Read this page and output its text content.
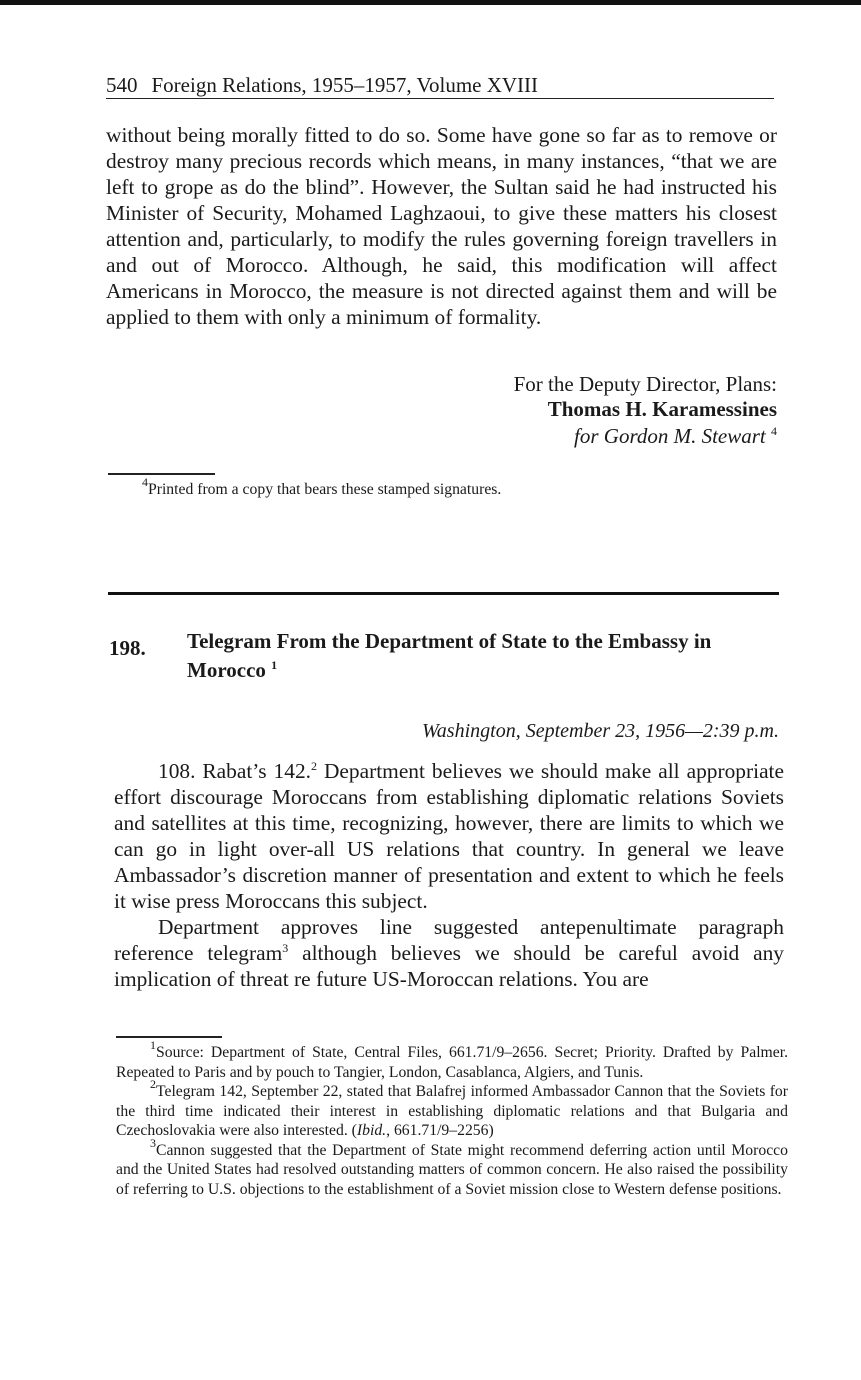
540 Foreign Relations, 1955–1957, Volume XVIII

without being morally fitted to do so. Some have gone so far as to remove or destroy many precious records which means, in many instances, “that we are left to grope as do the blind”. However, the Sultan said he had instructed his Minister of Security, Mohamed Laghzaoui, to give these matters his closest attention and, particularly, to modify the rules governing foreign travellers in and out of Morocco. Although, he said, this modification will affect Americans in Morocco, the measure is not directed against them and will be applied to them with only a minimum of formality.

For the Deputy Director, Plans:
Thomas H. Karamessines
for Gordon M. Stewart $^4$

$^4$Printed from a copy that bears these stamped signatures.

198. Telegram From the Department of State to the Embassy in Morocco $^1$
Washington, September 23, 1956—2:39 p.m.

108. Rabat’s 142.$^2$ Department believes we should make all appropriate effort discourage Moroccans from establishing diplomatic relations Soviets and satellites at this time, recognizing, however, there are limits to which we can go in light over-all US relations that country. In general we leave Ambassador’s discretion manner of presentation and extent to which he feels it wise press Moroccans this subject.

Department approves line suggested antepenultimate paragraph reference telegram$^3$ although believes we should be careful avoid any implication of threat re future US-Moroccan relations. You are

$^1$Source: Department of State, Central Files, 661.71/9–2656. Secret; Priority. Drafted by Palmer. Repeated to Paris and by pouch to Tangier, London, Casablanca, Algiers, and Tunis.

$^2$Telegram 142, September 22, stated that Balafrej informed Ambassador Cannon that the Soviets for the third time indicated their interest in establishing diplomatic relations and that Bulgaria and Czechoslovakia were also interested. (Ibid., 661.71/9–2256)

$^3$Cannon suggested that the Department of State might recommend deferring action until Morocco and the United States had resolved outstanding matters of common concern. He also raised the possibility of referring to U.S. objections to the establishment of a Soviet mission close to Western defense positions.
